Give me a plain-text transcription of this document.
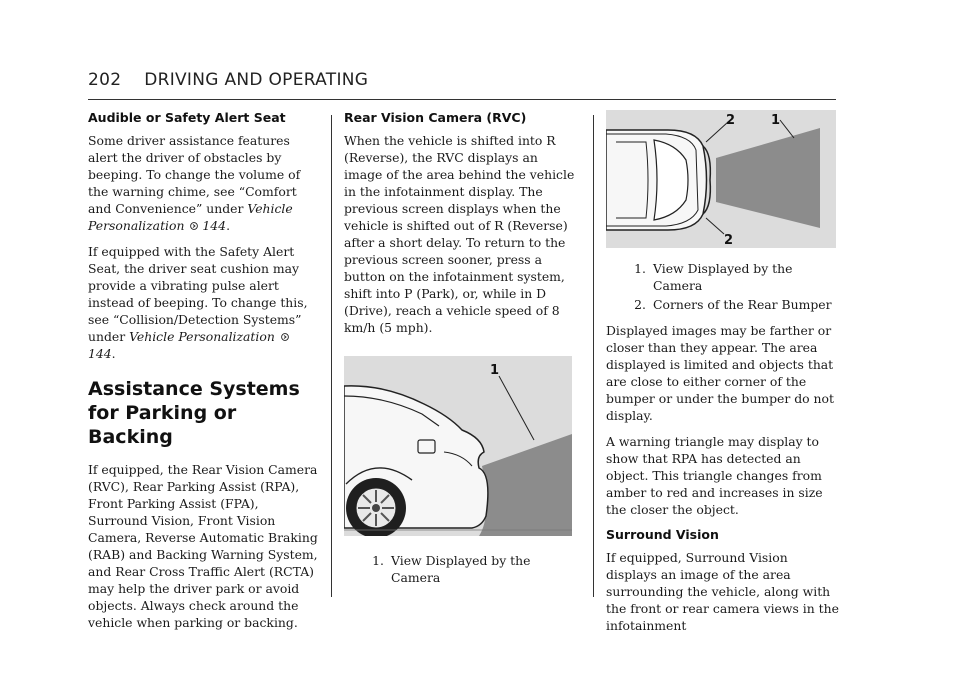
202 DRIVING AND OPERATING
Audible or Safety Alert Seat

Some driver assistance features alert the driver of obstacles by beeping. To change the volume of the warning chime, see “Comfort and Convenience” under Vehicle Personalization 144.

If equipped with the Safety Alert Seat, the driver seat cushion may provide a vibrating pulse alert instead of beeping. To change this, see “Collision/Detection Systems” under Vehicle Personalization 144.

Assistance Systems for Parking or Backing

If equipped, the Rear Vision Camera (RVC), Rear Parking Assist (RPA), Front Parking Assist (FPA), Surround Vision, Front Vision Camera, Reverse Automatic Braking (RAB) and Backing Warning System, and Rear Cross Traffic Alert (RCTA) may help the driver park or avoid objects. Always check around the vehicle when parking or backing.

Rear Vision Camera (RVC)

When the vehicle is shifted into R (Reverse), the RVC displays an image of the area behind the vehicle in the infotainment display. The previous screen displays when the vehicle is shifted out of R (Reverse) after a short delay. To return to the previous screen sooner, press a button on the infotainment system, shift into P (Park), or, while in D (Drive), reach a vehicle speed of 8 km/h (5 mph).

1
1. View Displayed by the Camera
2	1
2
1. View Displayed by the Camera
2. Corners of the Rear Bumper

Displayed images may be farther or closer than they appear. The area displayed is limited and objects that are close to either corner of the bumper or under the bumper do not display.

A warning triangle may display to show that RPA has detected an object. This triangle changes from amber to red and increases in size the closer the object.

Surround Vision

If equipped, Surround Vision displays an image of the area surrounding the vehicle, along with the front or rear camera views in the infotainment
